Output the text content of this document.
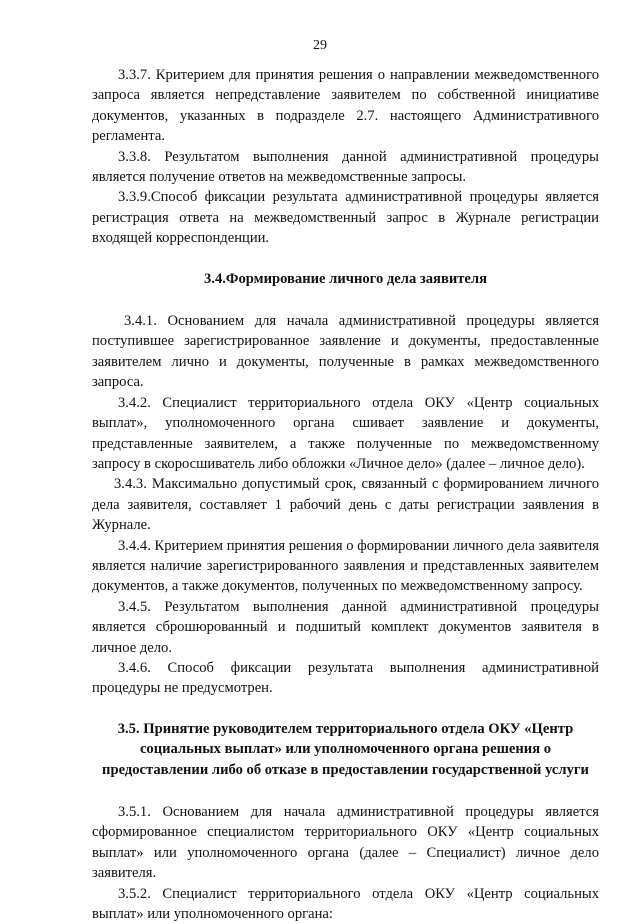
29

3.3.7. Критерием для принятия решения о направлении межведомственного запроса является непредставление заявителем по собственной инициативе документов, указанных в подразделе 2.7. настоящего Административного регламента.

3.3.8. Результатом выполнения данной административной процедуры является получение ответов на межведомственные запросы.

3.3.9.Способ фиксации результата административной процедуры является регистрация ответа на межведомственный запрос в Журнале регистрации входящей корреспонденции.

3.4.Формирование личного дела заявителя

3.4.1. Основанием для начала административной процедуры является поступившее зарегистрированное заявление и документы, предоставленные заявителем лично и документы, полученные в рамках межведомственного запроса.

3.4.2. Специалист территориального отдела ОКУ «Центр социальных выплат», уполномоченного органа сшивает заявление и документы, представленные заявителем, а также полученные по межведомственному запросу в скоросшиватель либо обложки «Личное дело» (далее – личное дело).

3.4.3. Максимально допустимый срок, связанный с формированием личного дела заявителя, составляет 1 рабочий день с даты регистрации заявления в Журнале.

3.4.4. Критерием принятия решения о формировании личного дела заявителя является наличие зарегистрированного заявления и представленных заявителем документов, а также документов, полученных по межведомственному запросу.

3.4.5. Результатом выполнения данной административной процедуры является сброшюрованный и подшитый комплект документов заявителя в личное дело.

3.4.6. Способ фиксации результата выполнения административной процедуры не предусмотрен.

3.5. Принятие руководителем территориального отдела ОКУ «Центр социальных выплат» или уполномоченного органа решения о предоставлении либо об отказе в предоставлении государственной услуги

3.5.1. Основанием для начала административной процедуры является сформированное специалистом территориального ОКУ «Центр социальных выплат» или уполномоченного органа (далее – Специалист) личное дело заявителя.

3.5.2. Специалист территориального отдела ОКУ «Центр социальных выплат» или уполномоченного органа:
